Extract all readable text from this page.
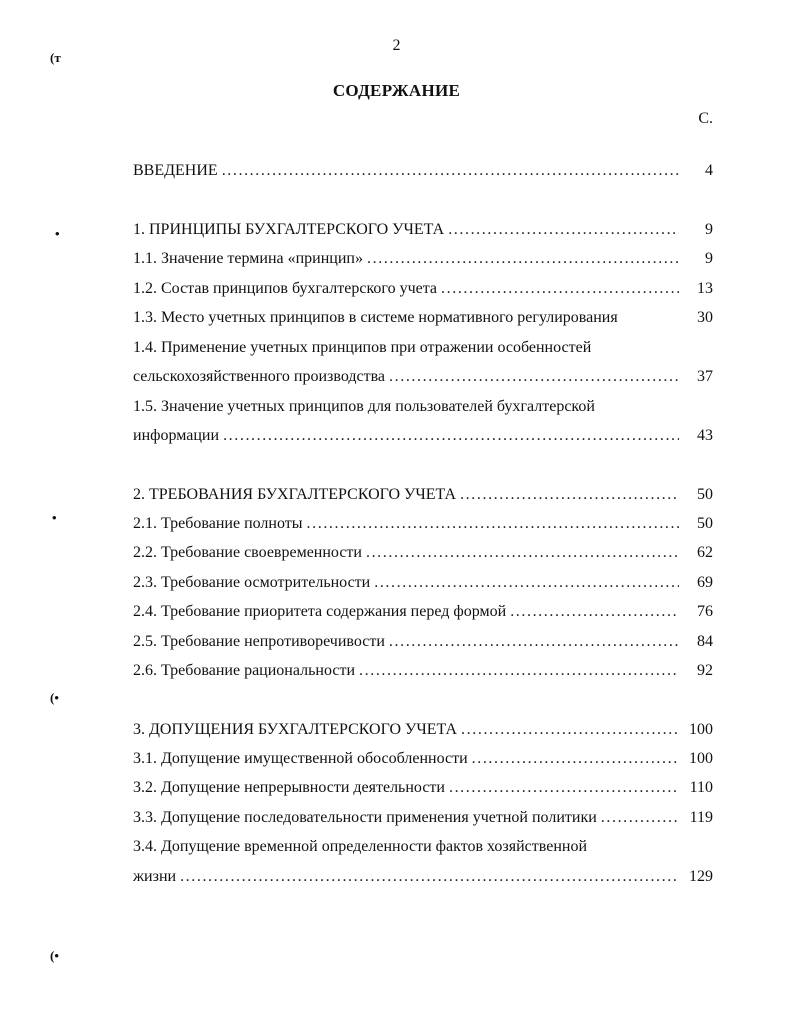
(т
•
•
(•
(•
2
СОДЕРЖАНИЕ
С.
ВВЕДЕНИЕ .....	4
1. ПРИНЦИПЫ БУХГАЛТЕРСКОГО УЧЕТА .....	9
1.1. Значение термина «принцип» .....	9
1.2. Состав принципов бухгалтерского учета .....	13
1.3. Место учетных принципов в системе нормативного регулирования	30
1.4. Применение учетных принципов при отражении особенностей
сельскохозяйственного производства .....	37
1.5. Значение учетных принципов для пользователей бухгалтерской
информации .....	43
2. ТРЕБОВАНИЯ БУХГАЛТЕРСКОГО УЧЕТА .....	50
2.1. Требование полноты .....	50
2.2. Требование своевременности .....	62
2.3. Требование осмотрительности .....	69
2.4. Требование приоритета содержания перед формой .....	76
2.5. Требование непротиворечивости .....	84
2.6. Требование рациональности .....	92
3. ДОПУЩЕНИЯ БУХГАЛТЕРСКОГО УЧЕТА .....	100
3.1. Допущение имущественной обособленности .....	100
3.2. Допущение непрерывности деятельности .....	110
3.3. Допущение последовательности применения учетной политики .....	119
3.4. Допущение временной определенности фактов хозяйственной
жизни .....	129
